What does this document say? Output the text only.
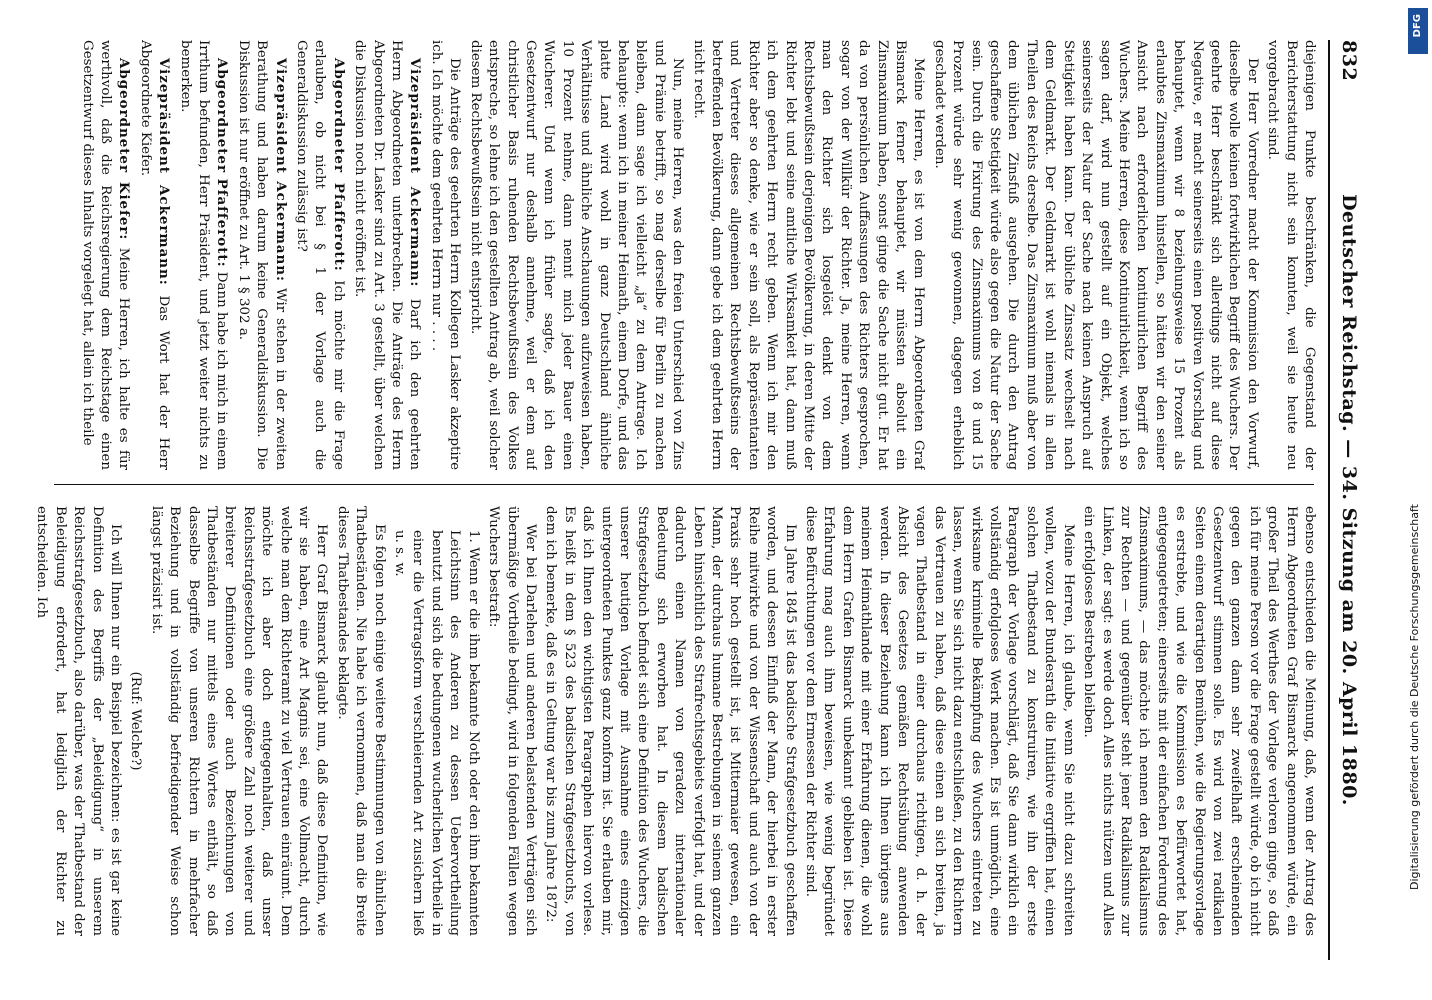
832
Deutscher Reichstag. — 34. Sitzung am 20. April 1880.

diejenigen Punkte beschränken, die Gegenstand der Berichterstattung nicht sein konnten, weil sie heute neu vorgebracht sind.

Der Herr Vorredner macht der Kommission den Vorwurf, dieselbe wolle keinen fortwirklichen Begriff des Wuchers. Der geehrte Herr beschränkt sich allerdings nicht auf diese Negative, er macht seinerseits einen positiven Vorschlag und behauptet, wenn wir 8 beziehungsweise 15 Prozent als erlaubtes Zinsmaximum hinstellen, so hätten wir den seiner Ansicht nach erforderlichen kontinuirlichen Begriff des Wuchers. Meine Herren, diese Kontinuirlichkeit, wenn ich so sagen darf, wird nun gestellt auf ein Objekt, welches seinerseits der Natur der Sache nach keinen Anspruch auf Stetigkeit haben kann. Der übliche Zinssatz wechselt nach dem Geldmarkt. Der Geldmarkt ist wohl niemals in allen Theilen des Reichs derselbe. Das Zinsmaximum muß aber von dem üblichen Zinsfuß ausgehen. Die durch den Antrag geschaffene Stetigkeit würde also gegen die Natur der Sache sein. Durch die Fixirung des Zinsmaximums von 8 und 15 Prozent würde sehr wenig gewonnen, dagegen erheblich geschadet werden.

Meine Herren, es ist von dem Herrn Abgeordneten Graf Bismarck ferner behauptet, wir müssten absolut ein Zinsmaximum haben, sonst ginge die Sache nicht gut. Er hat da von persönlichen Auffassungen des Richters gesprochen, sogar von der Willkür der Richter. Ja, meine Herren, wenn man den Richter sich losgelöst denkt von dem Rechtsbewußtsein derjenigen Bevölkerung, in deren Mitte der Richter lebt und seine amtliche Wirksamkeit hat, dann muß ich dem geehrten Herrn recht geben. Wenn ich mir den Richter aber so denke, wie er sein soll, als Repräsentanten und Vertreter dieses allgemeinen Rechtsbewußtseins der betreffenden Bevölkerung, dann gebe ich dem geehrten Herrn nicht recht.

Nun, meine Herren, was den freien Unterschied von Zins und Prämie betrifft, so mag derselbe für Berlin zu machen bleiben, dann sage ich vielleicht „ja“ zu dem Antrage. Ich behaupte: wenn ich in meiner Heimath, einem Dorfe, und das platte Land wird wohl in ganz Deutschland ähnliche Verhältnisse und ähnliche Anschauungen aufzuweisen haben, 10 Prozent nehme, dann nennt mich jeder Bauer einen Wucherer. Und wenn ich früher sagte, daß ich den Gesetzentwurf nur deshalb annehme, weil er dem auf christlicher Basis ruhenden Rechtsbewußtsein des Volkes entspreche, so lehne ich den gestellten Antrag ab, weil solcher diesem Rechtsbewußtsein nicht entspricht.

Die Anträge des geehrten Herrn Kollegen Lasker akzeptire ich. Ich möchte dem geehrten Herrn nur . . . .

Vizepräsident Ackermann: Darf ich den geehrten Herrn Abgeordneten unterbrechen. Die Anträge des Herrn Abgeordneten Dr. Lasker sind zu Art. 3 gestellt, über welchen die Diskussion noch nicht eröffnet ist.

Abgeordneter Pfafferott: Ich möchte mir die Frage erlauben, ob nicht bei § 1 der Vorlage auch die Generaldiskussion zulässig ist?

Vizepräsident Ackermann: Wir stehen in der zweiten Berathung und haben darum keine Generaldiskussion. Die Diskussion ist nur eröffnet zu Art. 1 § 302 a.

Abgeordneter Pfafferott: Dann habe ich mich in einem Irrthum befunden, Herr Präsident, und jetzt weiter nichts zu bemerken.

Vizepräsident Ackermann: Das Wort hat der Herr Abgeordnete Kiefer.

Abgeordneter Kiefer: Meine Herren, ich halte es für werthvoll, daß die Reichsregierung dem Reichstage einen Gesetzentwurf dieses Inhalts vorgelegt hat, allein ich theile

ebenso entschieden die Meinung, daß, wenn der Antrag des Herrn Abgeordneten Graf Bismarck angenommen würde, ein großer Theil des Werthes der Vorlage verloren ginge, so daß ich für meine Person vor die Frage gestellt würde, ob ich nicht gegen den ganzen dann sehr zweifelhaft erscheinenden Gesetzentwurf stimmen solle. Es wird von zwei radikalen Seiten einem derartigen Bemühen, wie die Regierungsvorlage es erstrebte, und wie die Kommission es befürwortet hat, entgegengetreten; einerseits mit der einfachen Forderung des Zinsmaximums, — das möchte ich nennen den Radikalismus zur Rechten — und gegenüber steht jener Radikalismus zur Linken, der sagt: es werde doch Alles nichts nützen und Alles ein erfolgloses Bestreben bleiben.

Meine Herren, ich glaube, wenn Sie nicht dazu schreiten wollen, wozu der Bundesrath die Initiative ergriffen hat, einen solchen Thatbestand zu konstruiren, wie ihn der erste Paragraph der Vorlage vorschlägt, daß Sie dann wirklich ein vollständig erfolgloses Werk machen. Es ist unmöglich, eine wirksame kriminelle Bekämpfung des Wuchers eintreten zu lassen, wenn Sie sich nicht dazu entschließen, zu den Richtern das Vertrauen zu haben, daß diese einen an sich breiten, ja vagen Thatbestand in einer durchaus richtigen, d. h. der Absicht des Gesetzes gemäßen Rechtsübung anwenden werden. In dieser Beziehung kann ich Ihnen übrigens aus meinem Heimathlande mit einer Erfahrung dienen, die wohl dem Herrn Grafen Bismarck unbekannt geblieben ist. Diese Erfahrung mag auch ihm beweisen, wie wenig begründet diese Befürchtungen vor dem Ermessen der Richter sind.

Im Jahre 1845 ist das badische Strafgesetzbuch geschaffen worden, und dessen Einfluß der Mann, der hierbei in erster Reihe mitwirkte und von der Wissenschaft und auch von der Praxis sehr hoch gestellt ist, ist Mittermaier gewesen, ein Mann, der durchaus humane Bestrebungen in seinem ganzen Leben hinsichtlich des Strafrechtsgebiets verfolgt hat, und der dadurch einen Namen von geradezu internationaler Bedeutung sich erworben hat. In diesem badischen Strafgesetzbuch befindet sich eine Definition des Wuchers, die unserer heutigen Vorlage mit Ausnahme eines einzigen untergeordneten Punktes ganz konform ist. Sie erlauben mir, daß ich Ihnen den wichtigsten Paragraphen hiervon vorlese. Es heißt in dem § 523 des badischen Strafgesetzbuchs, von dem ich bemerke, daß es in Geltung war bis zum Jahre 1872:

Wer bei Darlehen und anderen belastenden Verträgen sich übermäßige Vortheile bedingt, wird in folgenden Fällen wegen Wuchers bestraft:

1. Wenn er die ihm bekannte Noth oder den ihm bekannten Leichtsinn des Anderen zu dessen Uebervortheilung benutzt und sich die bedungenen wucherlichen Vortheile in einer die Vertragsform verschleiernden Art zusichern ließ u. s. w.

Es folgen noch einige weitere Bestimmungen von ähnlichen Thatbeständen. Nie habe ich vernommen, daß man die Breite dieses Thatbestandes beklagte.

Herr Graf Bismarck glaubt nun, daß diese Definition, wie wir sie haben, eine Art Magnis sei, eine Vollmacht, durch welche man dem Richteramt zu viel Vertrauen einräumt. Dem möchte ich aber doch entgegenhalten, daß unser Reichsstrafgesetzbuch eine größere Zahl noch weiterer und breiterer Definitionen oder auch Bezeichnungen von Thatbeständen nur mittels eines Wortes enthält, so daß dasselbe Begriffe von unseren Richtern in mehrfacher Beziehung und in vollständig befriedigender Weise schon längst präzisirt ist.

(Ruf: Welche?)

Ich will Ihnen nur ein Beispiel bezeichnen: es ist gar keine Definition des Begriffs der „Beleidigung“ in unserem Reichsstrafgesetzbuch, also darüber, was der Thatbestand der Beleidigung erfordert, hat lediglich der Richter zu entscheiden. Ich

DFG
Digitalisierung gefördert durch die Deutsche Forschungsgemeinschaft
